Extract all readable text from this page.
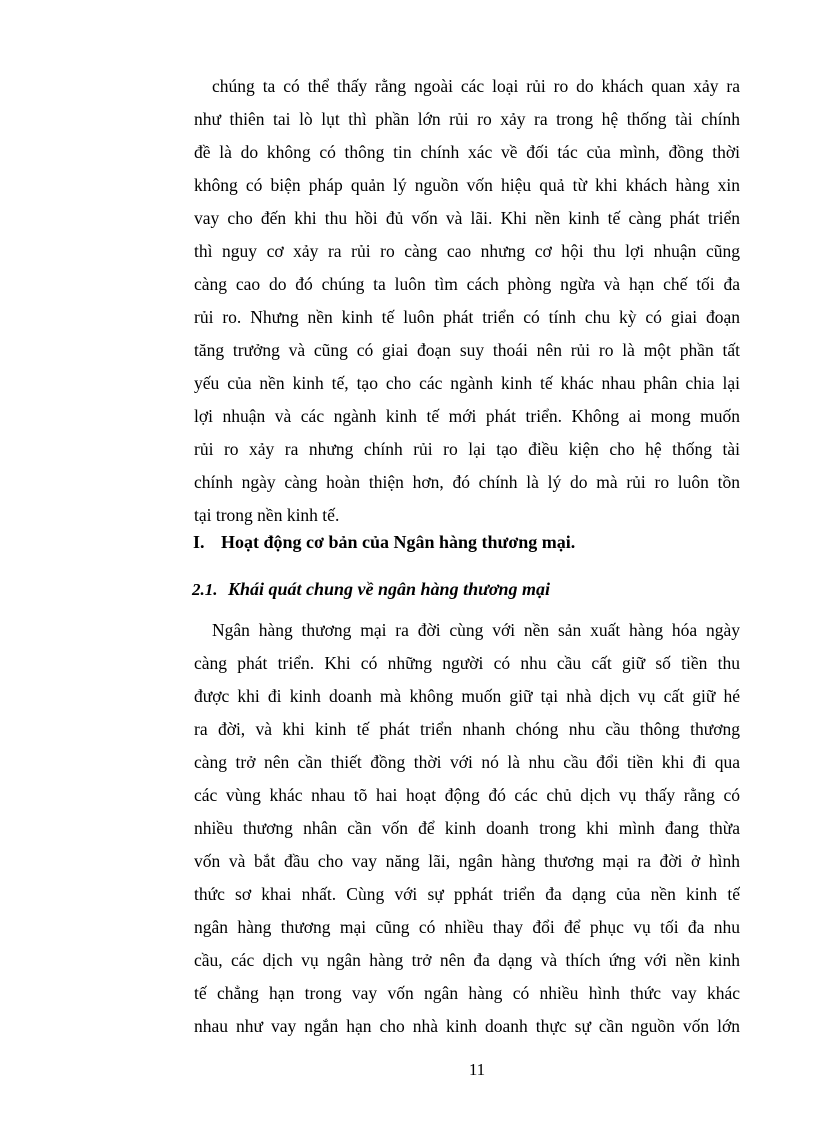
chúng ta có thể thấy rằng ngoài các loại rủi ro do khách quan xảy ra
như thiên tai lò lụt thì phần lớn rủi ro xảy ra trong hệ thống tài chính
đề là do không có thông tin chính xác về đối tác của mình, đồng thời
không có biện pháp quản lý nguồn vốn hiệu quả từ khi khách hàng xin
vay cho đến khi thu hồi đủ vốn và lãi. Khi nền kinh tế càng phát triển
thì nguy cơ xảy ra rủi ro càng cao nhưng cơ hội thu lợi nhuận cũng
càng cao do đó chúng ta luôn tìm cách phòng ngừa và hạn chế tối đa
rủi ro. Nhưng nền kinh tế luôn phát triển có tính chu kỳ có giai đoạn
tăng trưởng và cũng có giai đoạn suy thoái nên rủi ro là một phần tất
yếu của nền kinh tế, tạo cho các ngành kinh tế khác nhau phân chia lại
lợi nhuận và các ngành kinh tế mới phát triển. Không ai mong muốn
rủi ro xảy ra nhưng chính rủi ro lại tạo điều kiện cho hệ thống tài
chính ngày càng hoàn thiện hơn, đó chính là lý do mà rủi ro luôn tồn
tại trong nền kinh tế.
I. Hoạt động cơ bản của Ngân hàng thương mại.
2.1. Khái quát chung về ngân hàng thương mại
Ngân hàng thương mại ra đời cùng với nền sản xuất hàng hóa ngày
càng phát triển. Khi có những người có nhu cầu cất giữ số tiền thu
được khi đi kinh doanh mà không muốn giữ tại nhà dịch vụ cất giữ hé
ra đời, và khi kinh tế phát triển nhanh chóng nhu cầu thông thương
càng trở nên cần thiết đồng thời với nó là nhu cầu đổi tiền khi đi qua
các vùng khác nhau tõ hai hoạt động đó các chủ dịch vụ thấy rằng có
nhiều thương nhân cần vốn để kinh doanh trong khi mình đang thừa
vốn và bắt đầu cho vay năng lãi, ngân hàng thương mại ra đời ở hình
thức sơ khai nhất. Cùng với sự pphát triển đa dạng của nền kinh tế
ngân hàng thương mại cũng có nhiều thay đổi để phục vụ tối đa nhu
cầu, các dịch vụ ngân hàng trở nên đa dạng và thích ứng với nền kinh
tế chẳng hạn trong vay vốn ngân hàng có nhiều hình thức vay khác
nhau như vay ngắn hạn cho nhà kinh doanh thực sự cần nguồn vốn lớn
11
